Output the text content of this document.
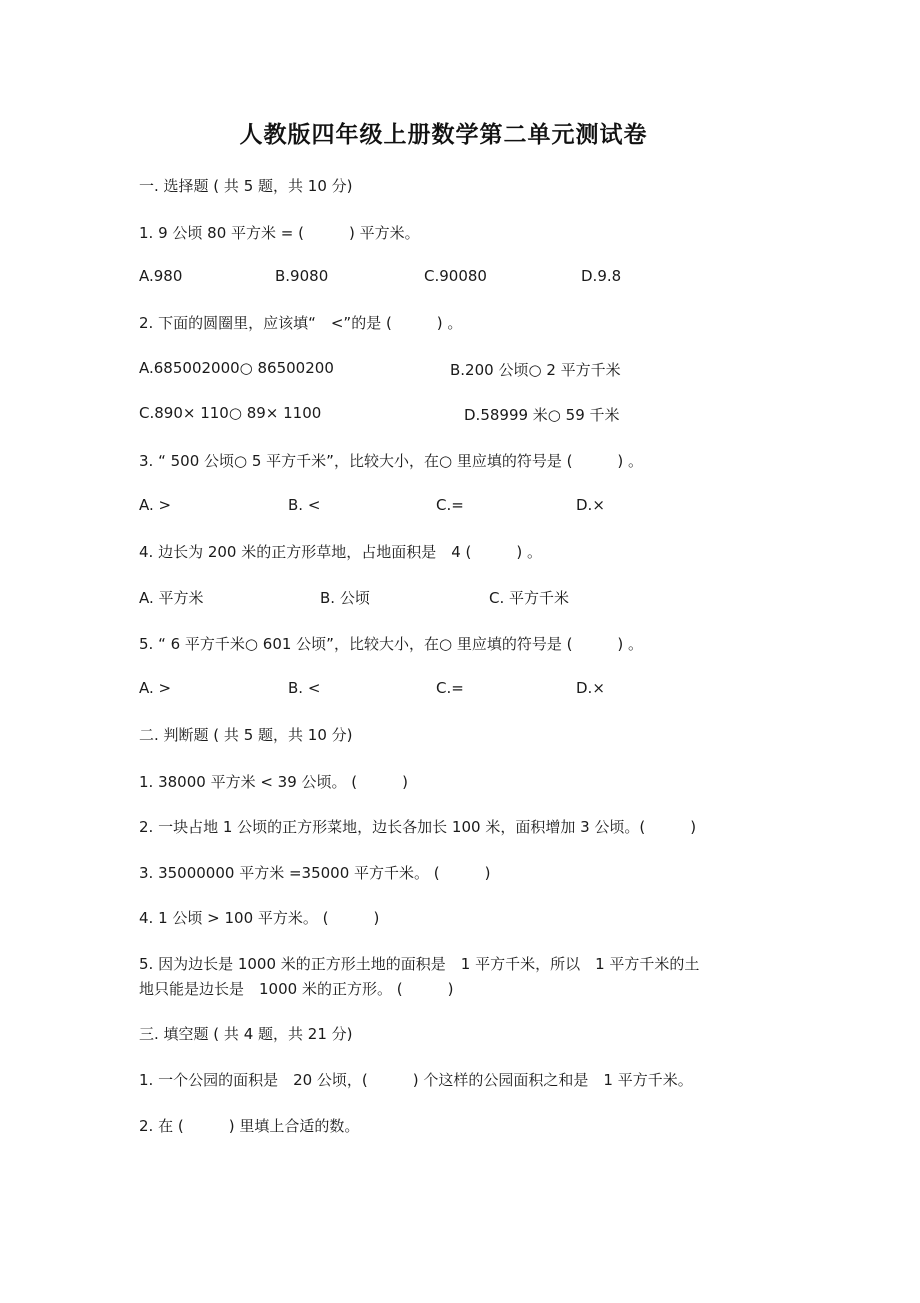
人教版四年级上册数学第二单元测试卷
一. 选择题 ( 共 5 题，共 10 分)
1. 9 公顷 80 平方米 = (　　　) 平方米。
A.980	B.9080	C.90080	D.9.8
2. 下面的圆圈里，应该填“　<”的是 (　　　) 。
A.685002000○ 86500200	B.200 公顷○ 2 平方千米
C.890× 110○ 89× 1100	D.58999 米○ 59 千米
3. “ 500 公顷○ 5 平方千米”，比较大小，在○ 里应填的符号是 (　　　) 。
A. >	B. <	C.=	D.×
4. 边长为 200 米的正方形草地，占地面积是　4 (　　　) 。
A. 平方米	B. 公顷	C. 平方千米
5. “ 6 平方千米○ 601 公顷”，比较大小，在○ 里应填的符号是 (　　　) 。
A. >	B. <	C.=	D.×
二. 判断题 ( 共 5 题，共 10 分)
1. 38000 平方米 < 39 公顷。 (　　　)
2. 一块占地 1 公顷的正方形菜地，边长各加长 100 米，面积增加 3 公顷。(　　　)
3. 35000000 平方米 =35000 平方千米。 (　　　)
4. 1 公顷 > 100 平方米。 (　　　)
5. 因为边长是 1000 米的正方形土地的面积是　1 平方千米，所以　1 平方千米的土
地只能是边长是　1000 米的正方形。 (　　　)
三. 填空题 ( 共 4 题，共 21 分)
1. 一个公园的面积是　20 公顷，(　　　) 个这样的公园面积之和是　1 平方千米。
2. 在 (　　　) 里填上合适的数。
